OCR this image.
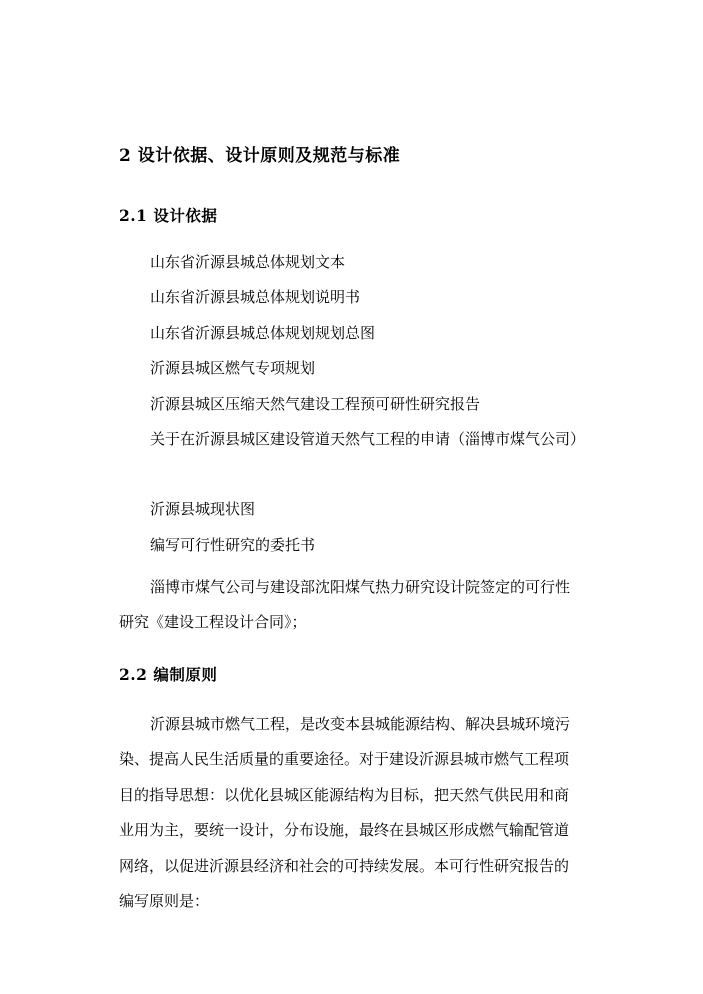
2 设计依据、设计原则及规范与标准
2.1 设计依据
山东省沂源县城总体规划文本
山东省沂源县城总体规划说明书
山东省沂源县城总体规划规划总图
沂源县城区燃气专项规划
沂源县城区压缩天然气建设工程预可研性研究报告
关于在沂源县城区建设管道天然气工程的申请（淄博市煤气公司）
沂源县城现状图
编写可行性研究的委托书
淄博市煤气公司与建设部沈阳煤气热力研究设计院签定的可行性
研究《建设工程设计合同》；
2.2 编制原则
沂源县城市燃气工程，是改变本县城能源结构、解决县城环境污
染、提高人民生活质量的重要途径。对于建设沂源县城市燃气工程项
目的指导思想：以优化县城区能源结构为目标，把天然气供民用和商
业用为主，要统一设计，分布设施，最终在县城区形成燃气输配管道
网络，以促进沂源县经济和社会的可持续发展。本可行性研究报告的
编写原则是：
